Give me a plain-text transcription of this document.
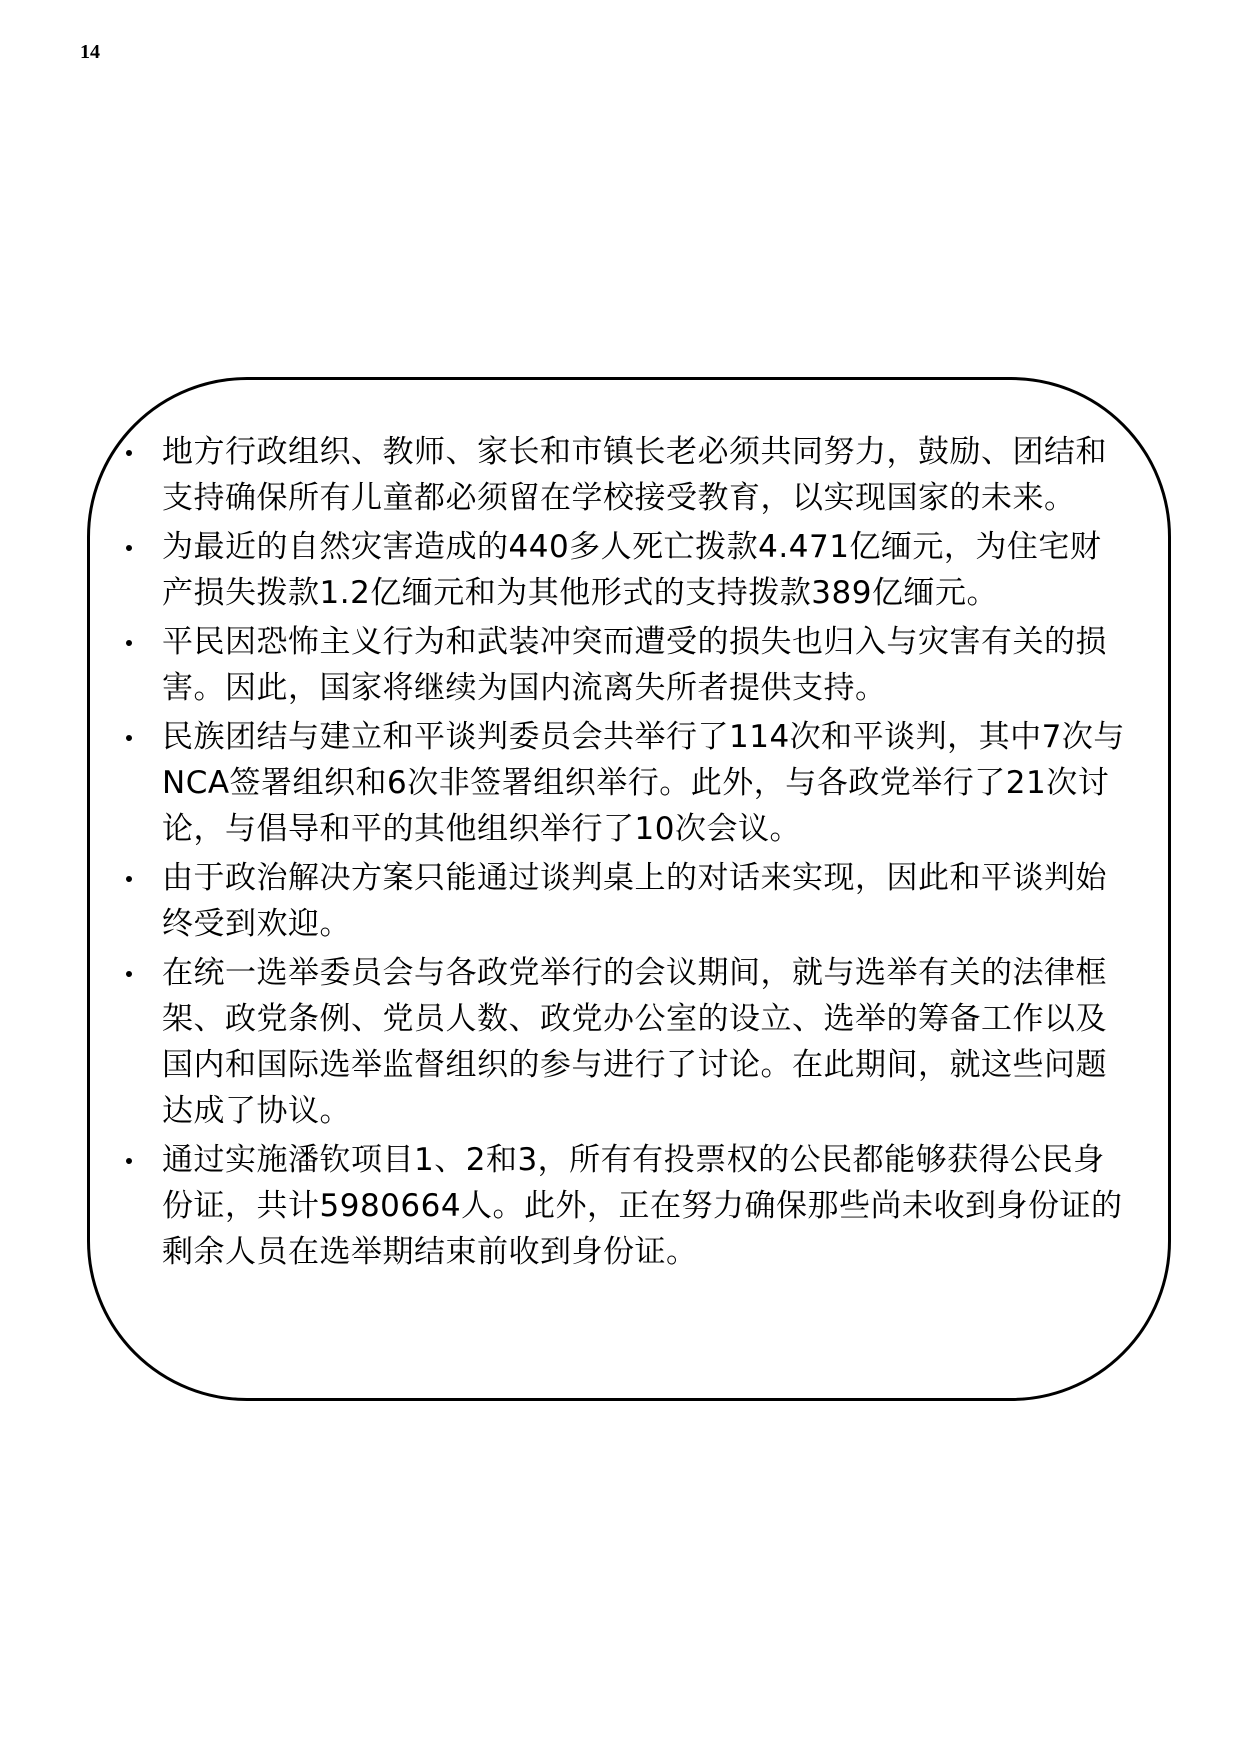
14
地方行政组织、教师、家长和市镇长老必须共同努力，鼓励、团结和支持确保所有儿童都必须留在学校接受教育，以实现国家的未来。
为最近的自然灾害造成的440多人死亡拨款4.471亿缅元，为住宅财产损失拨款1.2亿缅元和为其他形式的支持拨款389亿缅元。
平民因恐怖主义行为和武装冲突而遭受的损失也归入与灾害有关的损害。因此，国家将继续为国内流离失所者提供支持。
民族团结与建立和平谈判委员会共举行了114次和平谈判，其中7次与NCA签署组织和6次非签署组织举行。此外，与各政党举行了21次讨论，与倡导和平的其他组织举行了10次会议。
由于政治解决方案只能通过谈判桌上的对话来实现，因此和平谈判始终受到欢迎。
在统一选举委员会与各政党举行的会议期间，就与选举有关的法律框架、政党条例、党员人数、政党办公室的设立、选举的筹备工作以及国内和国际选举监督组织的参与进行了讨论。在此期间，就这些问题达成了协议。
通过实施潘钦项目1、2和3，所有有投票权的公民都能够获得公民身份证，共计5980664人。此外，正在努力确保那些尚未收到身份证的剩余人员在选举期结束前收到身份证。
